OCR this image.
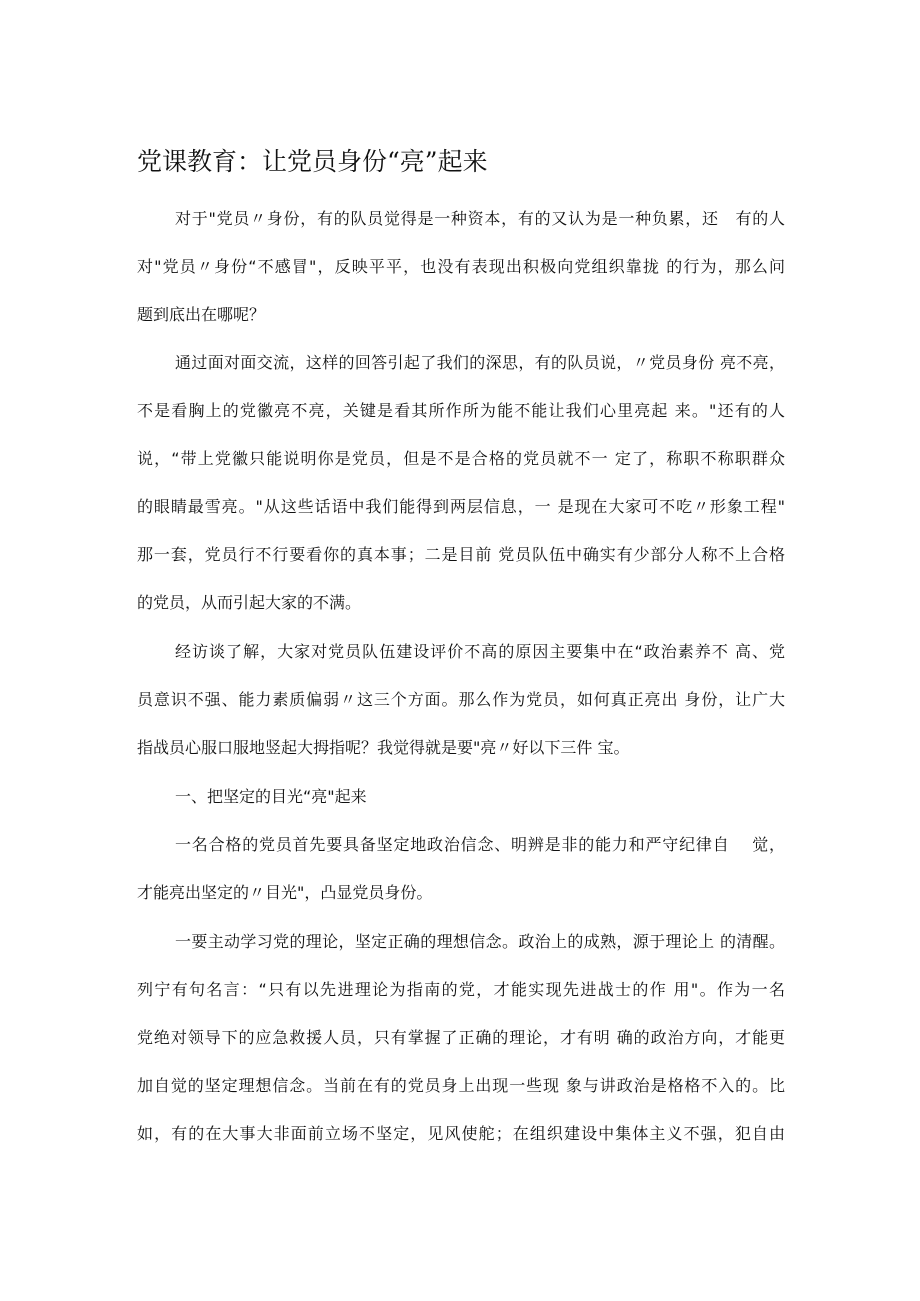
党课教育：让党员身份“亮”起来
对于"党员〃身份，有的队员觉得是一种资本，有的又认为是一种负累，还　有的人
对"党员〃身份“不感冒"，反映平平，也没有表现出积极向党组织靠拢 的行为，那么问
题到底出在哪呢？
通过面对面交流，这样的回答引起了我们的深思，有的队员说，〃党员身份 亮不亮，
不是看胸上的党徽亮不亮，关键是看其所作所为能不能让我们心里亮起 来。"还有的人
说，“带上党徽只能说明你是党员，但是不是合格的党员就不一 定了，称职不称职群众
的眼睛最雪亮。"从这些话语中我们能得到两层信息，一 是现在大家可不吃〃形象工程"
那一套，党员行不行要看你的真本事；二是目前 党员队伍中确实有少部分人称不上合格
的党员，从而引起大家的不满。
经访谈了解，大家对党员队伍建设评价不高的原因主要集中在“政治素养不 高、党
员意识不强、能力素质偏弱〃这三个方面。那么作为党员，如何真正亮出 身份，让广大
指战员心服口服地竖起大拇指呢？我觉得就是要"亮〃好以下三件 宝。
一、把坚定的目光“亮"起来
一名合格的党员首先要具备坚定地政治信念、明辨是非的能力和严守纪律自　 觉，
才能亮出坚定的〃目光"，凸显党员身份。
一要主动学习党的理论，坚定正确的理想信念。政治上的成熟，源于理论上 的清醒。
列宁有句名言：“只有以先进理论为指南的党，才能实现先进战士的作 用"。作为一名
党绝对领导下的应急救援人员，只有掌握了正确的理论，才有明 确的政治方向，才能更
加自觉的坚定理想信念。当前在有的党员身上出现一些现 象与讲政治是格格不入的。比
如，有的在大事大非面前立场不坚定，见风使舵；在组织建设中集体主义不强，犯自由
